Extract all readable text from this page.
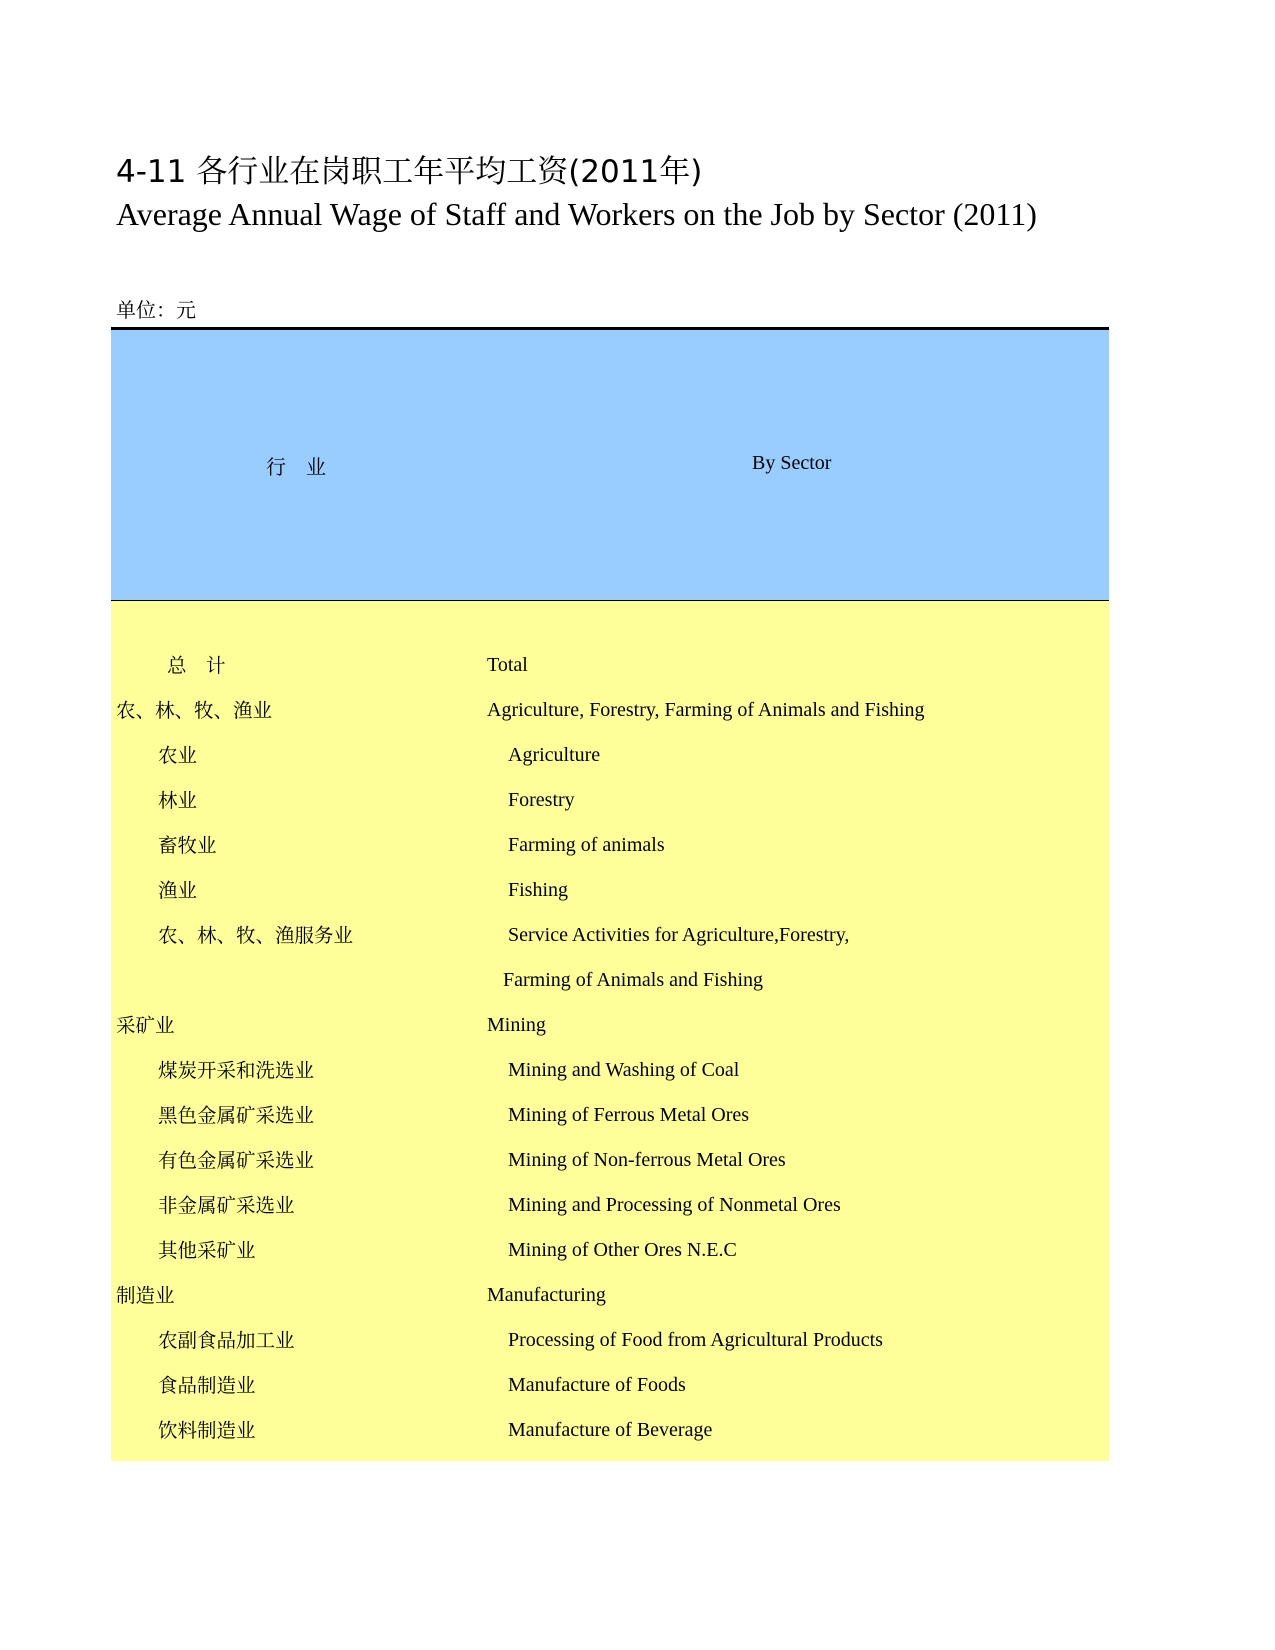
4-11 各行业在岗职工年平均工资(2011年)
Average Annual Wage of Staff and Workers on the Job by Sector (2011)
单位：元
行　业	By Sector
总　计	Total
农、林、牧、渔业	Agriculture, Forestry, Farming of Animals and Fishing
农业	Agriculture
林业	Forestry
畜牧业	Farming of animals
渔业	Fishing
农、林、牧、渔服务业	Service Activities for Agriculture,Forestry,
Farming of Animals and Fishing
采矿业	Mining
煤炭开采和洗选业	Mining and Washing of Coal
黑色金属矿采选业	Mining of Ferrous Metal Ores
有色金属矿采选业	Mining of Non-ferrous Metal Ores
非金属矿采选业	Mining and Processing of Nonmetal Ores
其他采矿业	Mining of Other Ores N.E.C
制造业	Manufacturing
农副食品加工业	Processing of Food from Agricultural Products
食品制造业	Manufacture of Foods
饮料制造业	Manufacture of Beverage
